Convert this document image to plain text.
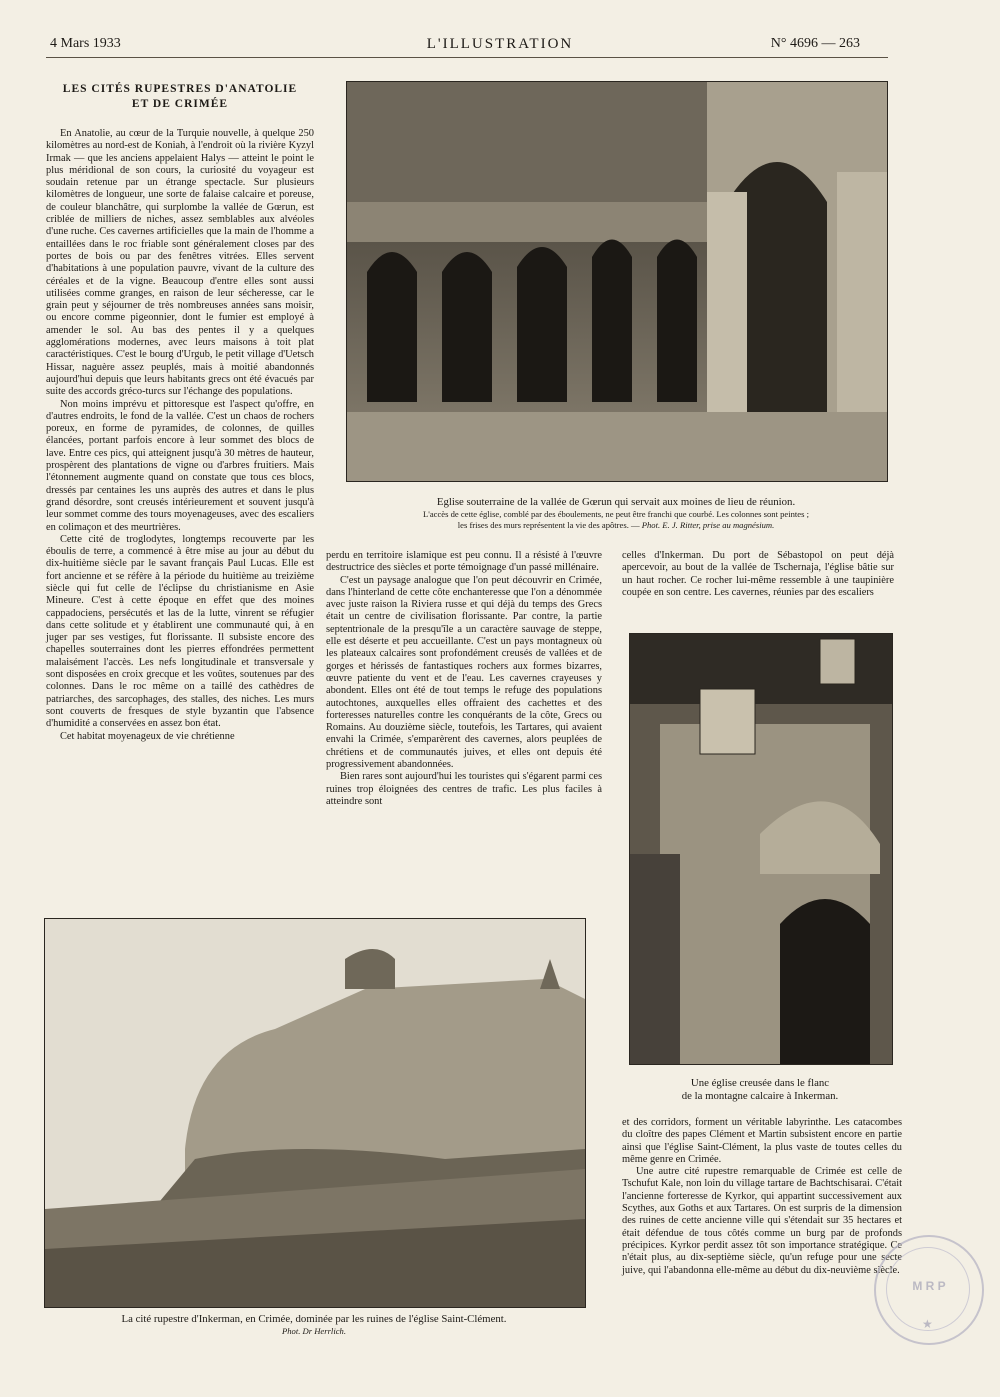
4 Mars 1933	L'ILLUSTRATION	N° 4696 — 263
LES CITÉS RUPESTRES D'ANATOLIE
ET DE CRIMÉE

En Anatolie, au cœur de la Turquie nouvelle, à quelque 250 kilomètres au nord-est de Koniah, à l'endroit où la rivière Kyzyl Irmak — que les anciens appelaient Halys — atteint le point le plus méridional de son cours, la curiosité du voyageur est soudain retenue par un étrange spectacle. Sur plusieurs kilomètres de longueur, une sorte de falaise calcaire et poreuse, de couleur blanchâtre, qui surplombe la vallée de Gœrun, est criblée de milliers de niches, assez semblables aux alvéoles d'une ruche. Ces cavernes artificielles que la main de l'homme a entaillées dans le roc friable sont généralement closes par des portes de bois ou par des fenêtres vitrées. Elles servent d'habitations à une population pauvre, vivant de la culture des céréales et de la vigne. Beaucoup d'entre elles sont aussi utilisées comme granges, en raison de leur sécheresse, car le grain peut y séjourner de très nombreuses années sans moisir, ou encore comme pigeonnier, dont le fumier est employé à amender le sol. Au bas des pentes il y a quelques agglomérations modernes, avec leurs maisons à toit plat caractéristiques. C'est le bourg d'Urgub, le petit village d'Uetsch Hissar, naguère assez peuplés, mais à moitié abandonnés aujourd'hui depuis que leurs habitants grecs ont été évacués par suite des accords gréco-turcs sur l'échange des populations.

Non moins imprévu et pittoresque est l'aspect qu'offre, en d'autres endroits, le fond de la vallée. C'est un chaos de rochers poreux, en forme de pyramides, de colonnes, de quilles élancées, portant parfois encore à leur sommet des blocs de lave. Entre ces pics, qui atteignent jusqu'à 30 mètres de hauteur, prospèrent des plantations de vigne ou d'arbres fruitiers. Mais l'étonnement augmente quand on constate que tous ces blocs, dressés par centaines les uns auprès des autres et dans le plus grand désordre, sont creusés intérieurement et souvent jusqu'à leur sommet comme des tours moyenageuses, avec des escaliers en colimaçon et des meurtrières.

Cette cité de troglodytes, longtemps recouverte par les éboulis de terre, a commencé à être mise au jour au début du dix-huitième siècle par le savant français Paul Lucas. Elle est fort ancienne et se réfère à la période du huitième au treizième siècle qui fut celle de l'éclipse du christianisme en Asie Mineure. C'est à cette époque en effet que des moines cappadociens, persécutés et las de la lutte, vinrent se réfugier dans cette solitude et y établirent une communauté qui, à en juger par ses vestiges, fut florissante. Il subsiste encore des chapelles souterraines dont les pierres effondrées permettent malaisément l'accès. Les nefs longitudinale et transversale y sont disposées en croix grecque et les voûtes, soutenues par des colonnes. Dans le roc même on a taillé des cathèdres de patriarches, des sarcophages, des stalles, des niches. Les murs sont couverts de fresques de style byzantin que l'absence d'humidité a conservées en assez bon état.

Cet habitat moyenageux de vie chrétienne

Eglise souterraine de la vallée de Gœrun qui servait aux moines de lieu de réunion.
L'accès de cette église, comblé par des éboulements, ne peut être franchi que courbé. Les colonnes sont peintes ;
les frises des murs représentent la vie des apôtres. — Phot. E. J. Ritter, prise au magnésium.

perdu en territoire islamique est peu connu. Il a résisté à l'œuvre destructrice des siècles et porte témoignage d'un passé millénaire.

C'est un paysage analogue que l'on peut découvrir en Crimée, dans l'hinterland de cette côte enchanteresse que l'on a dénommée avec juste raison la Riviera russe et qui déjà du temps des Grecs était un centre de civilisation florissante. Par contre, la partie septentrionale de la presqu'île a un caractère sauvage de steppe, elle est déserte et peu accueillante. C'est un pays montagneux où les plateaux calcaires sont profondément creusés de vallées et de gorges et hérissés de fantastiques rochers aux formes bizarres, œuvre patiente du vent et de l'eau. Les cavernes crayeuses y abondent. Elles ont été de tout temps le refuge des populations autochtones, auxquelles elles offraient des cachettes et des forteresses naturelles contre les conquérants de la côte, Grecs ou Romains. Au douzième siècle, toutefois, les Tartares, qui avaient envahi la Crimée, s'emparèrent des cavernes, alors peuplées de chrétiens et de communautés juives, et elles ont depuis été progressivement abandonnées.

Bien rares sont aujourd'hui les touristes qui s'égarent parmi ces ruines trop éloignées des centres de trafic. Les plus faciles à atteindre sont

celles d'Inkerman. Du port de Sébastopol on peut déjà apercevoir, au bout de la vallée de Tschernaja, l'église bâtie sur un haut rocher. Ce rocher lui-même ressemble à une taupinière coupée en son centre. Les cavernes, réunies par des escaliers

Une église creusée dans le flanc
de la montagne calcaire à Inkerman.
La cité rupestre d'Inkerman, en Crimée, dominée par les ruines de l'église Saint-Clément.
Phot. Dr Herrlich.

et des corridors, forment un véritable labyrinthe. Les catacombes du cloître des papes Clément et Martin subsistent encore en partie ainsi que l'église Saint-Clément, la plus vaste de toutes celles du même genre en Crimée.

Une autre cité rupestre remarquable de Crimée est celle de Tschufut Kale, non loin du village tartare de Bachtschisarai. C'était l'ancienne forteresse de Kyrkor, qui appartint successivement aux Scythes, aux Goths et aux Tartares. On est surpris de la dimension des ruines de cette ancienne ville qui s'étendait sur 35 hectares et était défendue de tous côtés comme un burg par de profonds précipices. Kyrkor perdit assez tôt son importance stratégique. Ce n'était plus, au dix-septième siècle, qu'un refuge pour une secte juive, qui l'abandonna elle-même au début du dix-neuvième siècle.

M R P
★
